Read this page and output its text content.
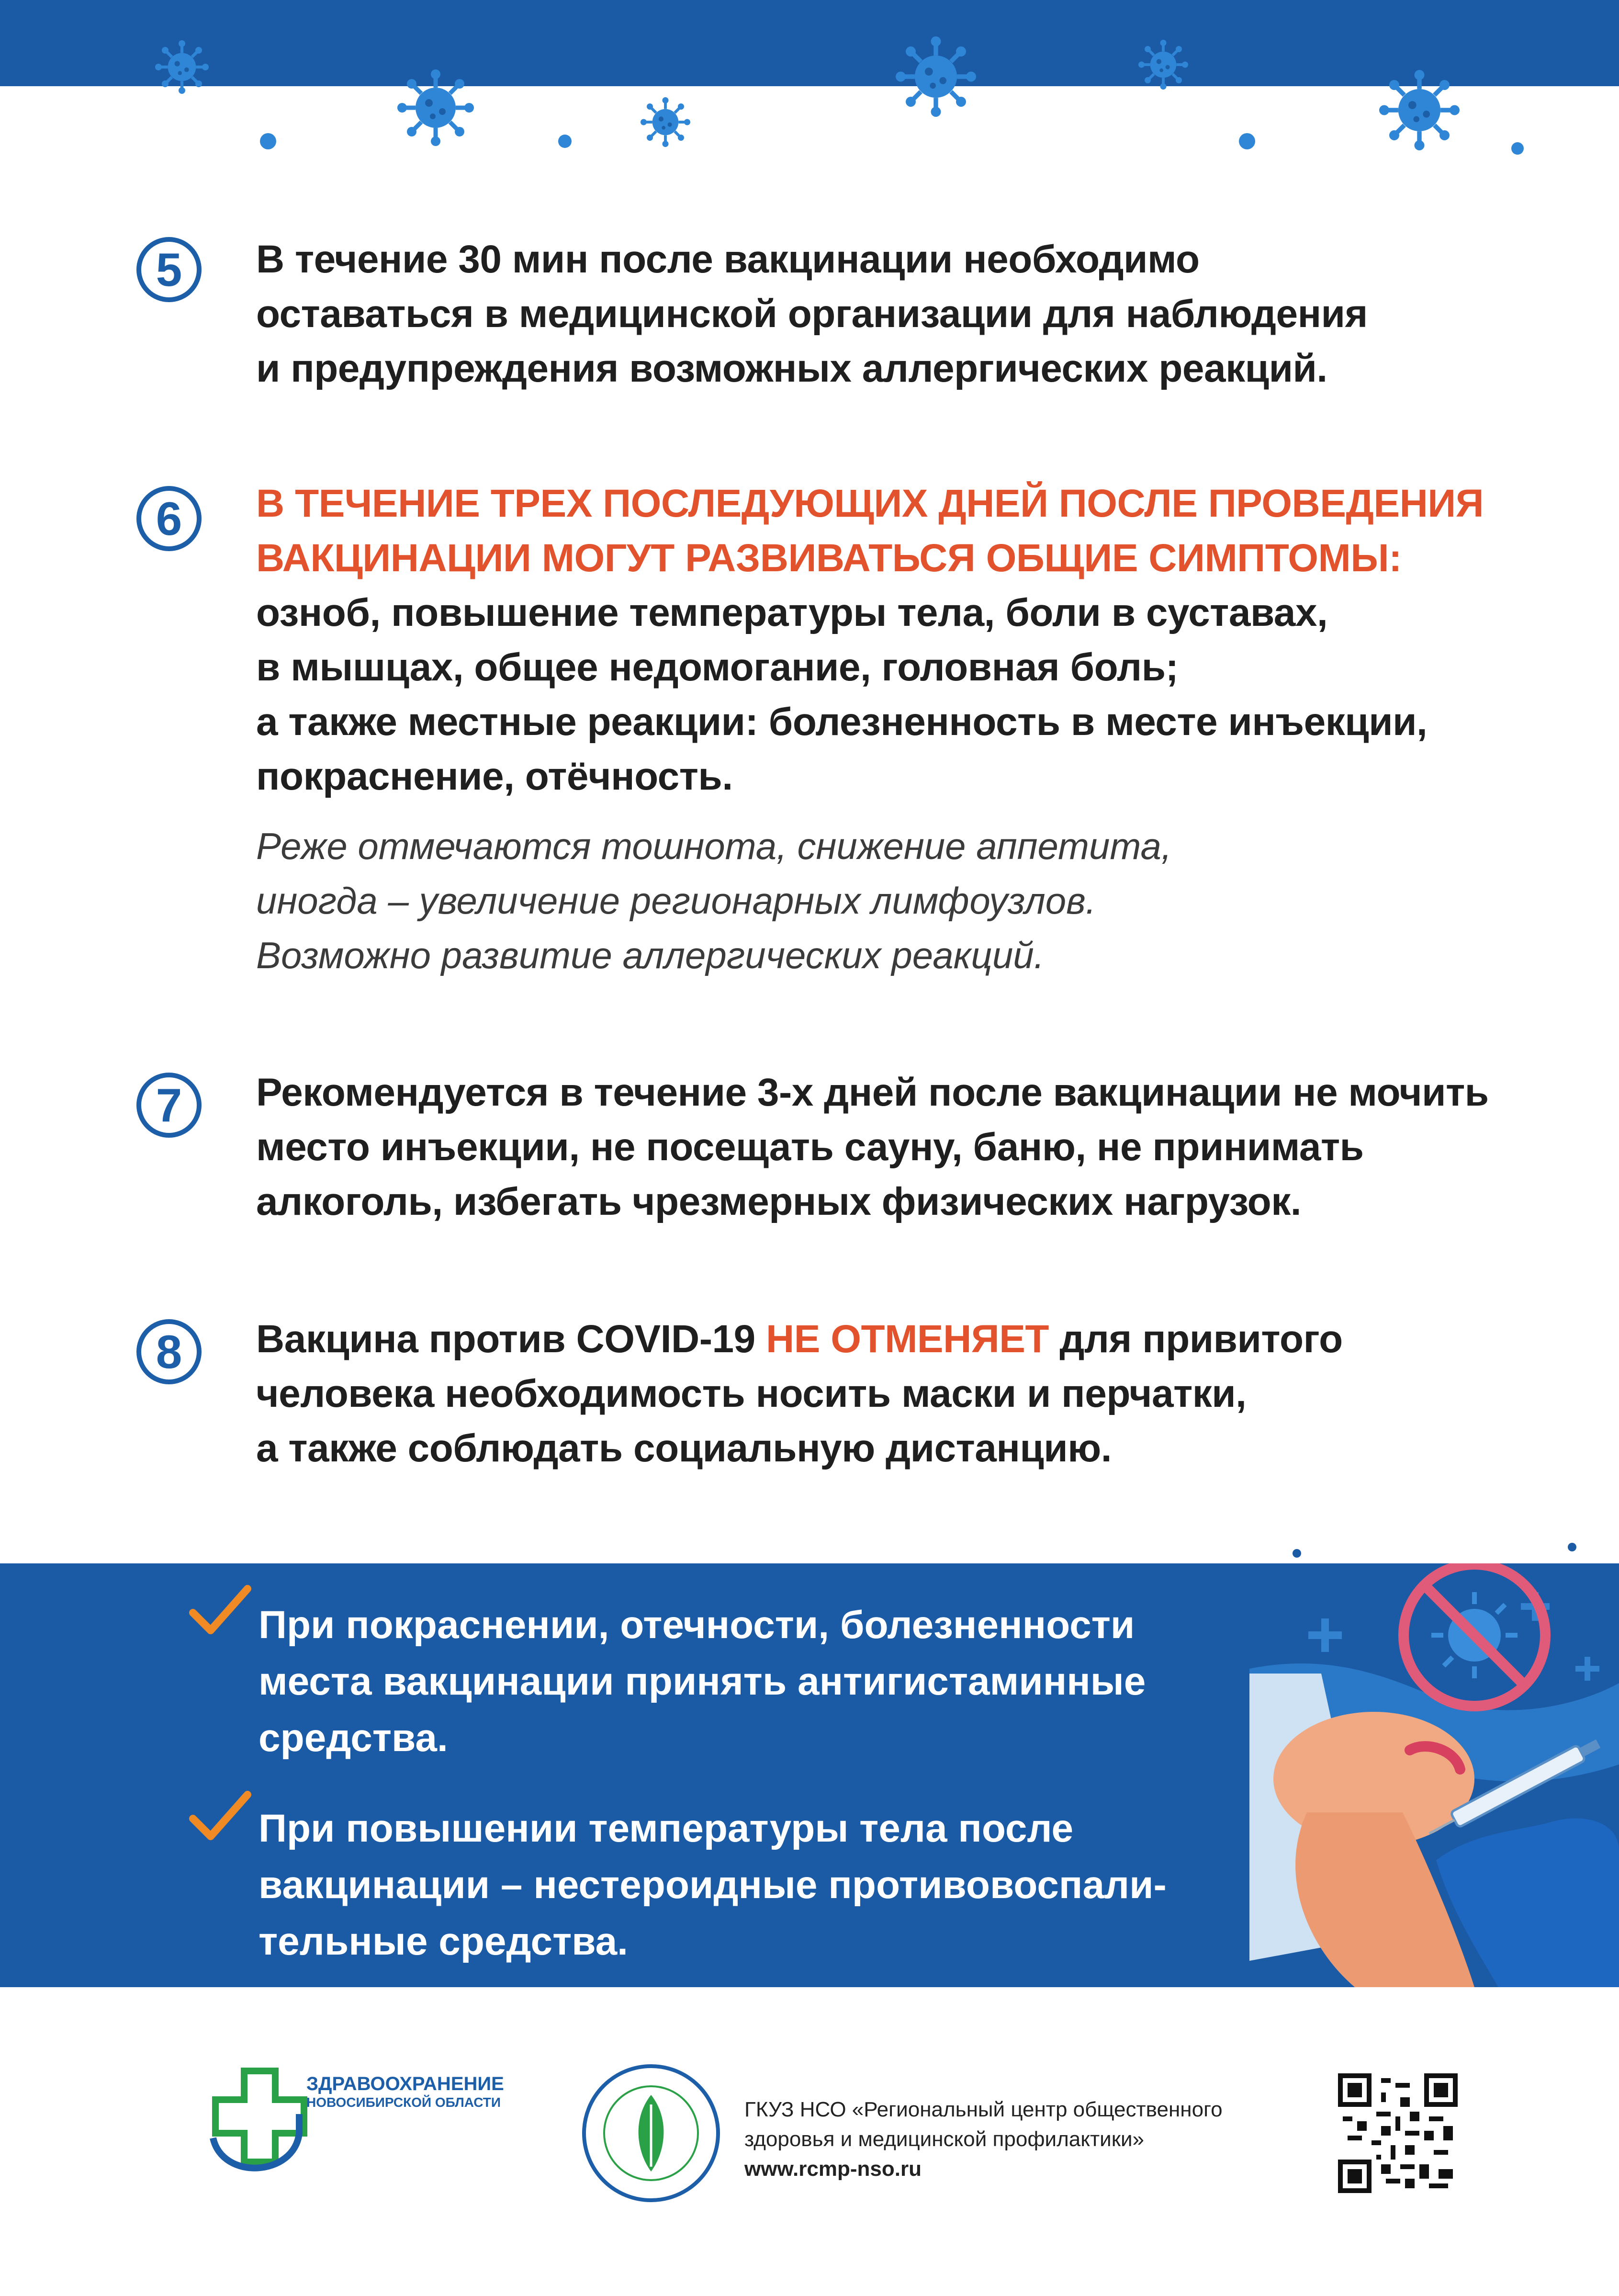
5	В течение 30 мин после вакцинации необходимо
оставаться в медицинской организации для наблюдения
и предупреждения возможных аллергических реакций.
6	В ТЕЧЕНИЕ ТРЕХ ПОСЛЕДУЮЩИХ ДНЕЙ ПОСЛЕ ПРОВЕДЕНИЯ
ВАКЦИНАЦИИ МОГУТ РАЗВИВАТЬСЯ ОБЩИЕ СИМПТОМЫ:
озноб, повышение температуры тела, боли в суставах,
в мышцах, общее недомогание, головная боль;
а также местные реакции: болезненность в месте инъекции,
покраснение, отёчность.
Реже отмечаются тошнота, снижение аппетита,
иногда – увеличение регионарных лимфоузлов.
Возможно развитие аллергических реакций.
7	Рекомендуется в течение 3-х дней после вакцинации не мочить
место инъекции, не посещать сауну, баню, не принимать
алкоголь, избегать чрезмерных физических нагрузок.
8	Вакцина против COVID-19 НЕ ОТМЕНЯЕТ для привитого
человека необходимость носить маски и перчатки,
а также соблюдать социальную дистанцию.
При покраснении, отечности, болезненности
места вакцинации принять антигистаминные
средства.
При повышении температуры тела после
вакцинации – нестероидные противовоспали-
тельные средства.
ЗДРАВООХРАНЕНИЕ
НОВОСИБИРСКОЙ ОБЛАСТИ	ГКУЗ НСО «Региональный центр общественного
здоровья и медицинской профилактики»
www.rcmp-nso.ru
